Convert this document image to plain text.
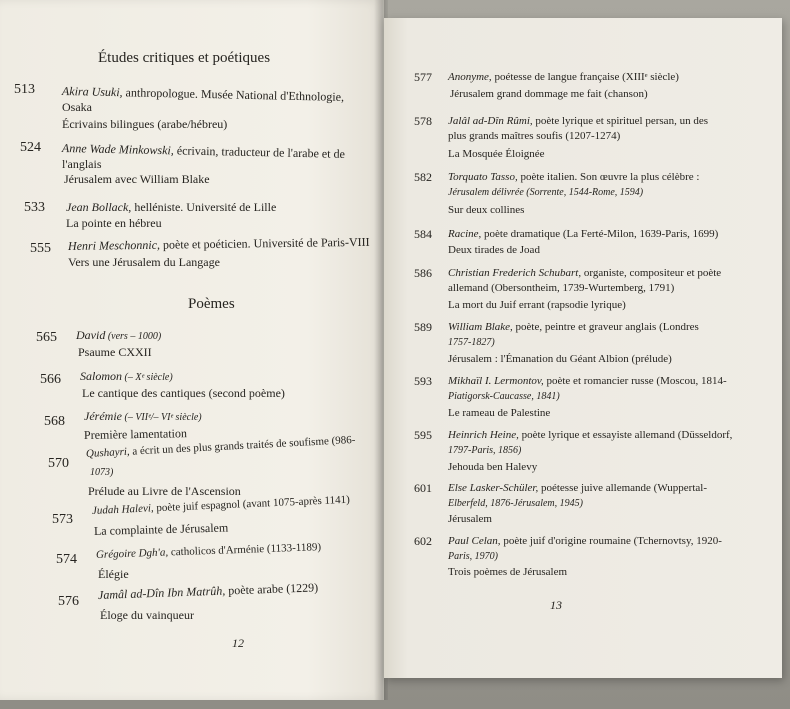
Études critiques et poétiques
513 Akira Usuki, anthropologue. Musée National d'Ethnologie,
Osaka
Écrivains bilingues (arabe/hébreu)
524 Anne Wade Minkowski, écrivain, traducteur de l'arabe et de
l'anglais
Jérusalem avec William Blake
533 Jean Bollack, helléniste. Université de Lille
La pointe en hébreu
555 Henri Meschonnic, poète et poéticien. Université de Paris-VIII
Vers une Jérusalem du Langage
Poèmes
565 David (vers – 1000)
Psaume CXXII
566 Salomon (– Xᵉ siècle)
Le cantique des cantiques (second poème)
568 Jérémie (– VIIᵉ/– VIᵉ siècle)
Première lamentation
570
Qushayri, a écrit un des plus grands traités de soufisme (986-
1073)
Prélude au Livre de l'Ascension
573
Judah Halevi, poète juif espagnol (avant 1075-après 1141)
La complainte de Jérusalem
574 Grégoire Dgh'a, catholicos d'Arménie (1133-1189)
Élégie
576 Jamâl ad-Dîn Ibn Matrûh, poète arabe (1229)
Éloge du vainqueur
12
577 Anonyme, poétesse de langue française (XIIIᵉ siècle)
Jérusalem grand dommage me fait (chanson)
578 Jalâl ad-Dîn Rûmi, poète lyrique et spirituel persan, un des
plus grands maîtres soufis (1207-1274)
La Mosquée Éloignée
582 Torquato Tasso, poète italien. Son œuvre la plus célèbre :
Jérusalem délivrée (Sorrente, 1544-Rome, 1594)
Sur deux collines
584 Racine, poète dramatique (La Ferté-Milon, 1639-Paris, 1699)
Deux tirades de Joad
586 Christian Frederich Schubart, organiste, compositeur et poète
allemand (Obersontheim, 1739-Wurtemberg, 1791)
La mort du Juif errant (rapsodie lyrique)
589 William Blake, poète, peintre et graveur anglais (Londres
1757-1827)
Jérusalem : l'Émanation du Géant Albion (prélude)
593 Mikhaïl I. Lermontov, poète et romancier russe (Moscou, 1814-
Piatigorsk-Caucasse, 1841)
Le rameau de Palestine
595 Heinrich Heine, poète lyrique et essayiste allemand (Düsseldorf,
1797-Paris, 1856)
Jehouda ben Halevy
601 Else Lasker-Schüler, poétesse juive allemande (Wuppertal-
Elberfeld, 1876-Jérusalem, 1945)
Jérusalem
602 Paul Celan, poète juif d'origine roumaine (Tchernovtsy, 1920-
Paris, 1970)
Trois poèmes de Jérusalem
13
